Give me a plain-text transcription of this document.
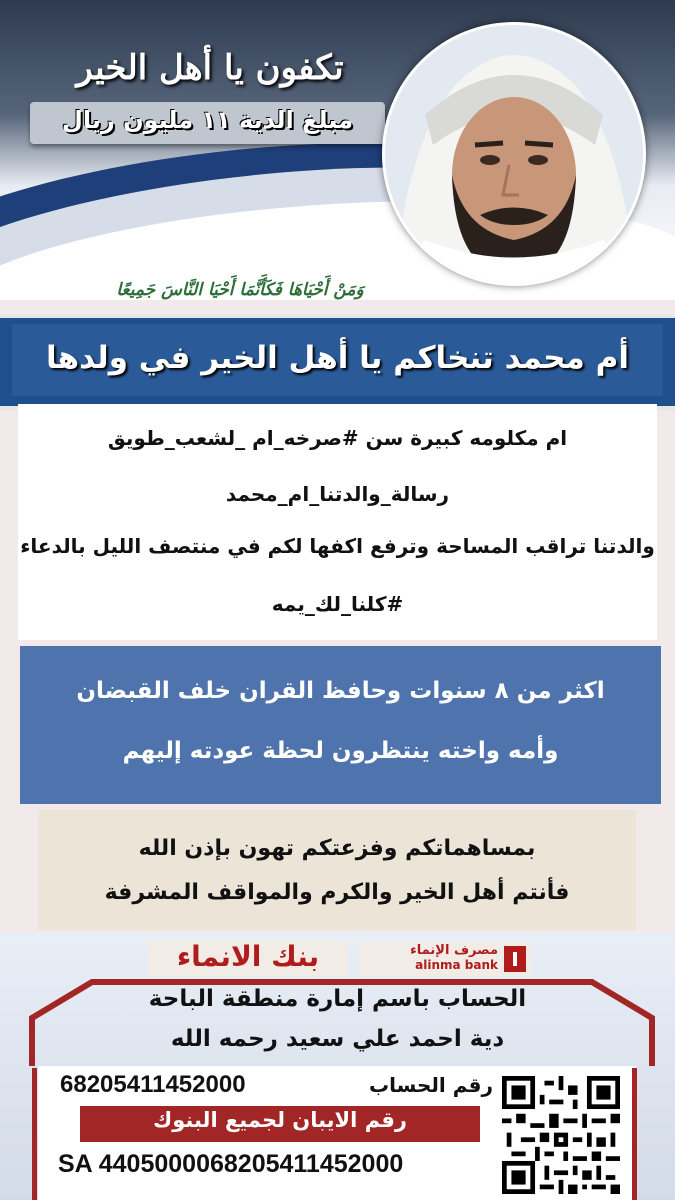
تكفون يا أهل الخير
مبلغ الدية ١١ مليون ريال
وَمَنْ أَحْيَاهَا فَكَأَنَّمَا أَحْيَا النَّاسَ جَمِيعًا
أم محمد تنخاكم يا أهل الخير في ولدها
ام مكلومه كبيرة سن #صرخه_ام _لشعب_طويق
رسالة_والدتنا_ام_محمد
والدتنا تراقب المساحة وترفع اكفها لكم في منتصف الليل بالدعاء
#كلنا_لك_يمه
اكثر من ٨ سنوات وحافظ القران خلف القبضان
وأمه واخته ينتظرون لحظة عودته إليهم
بمساهماتكم وفزعتكم تهون بإذن الله
فأنتم أهل الخير والكرم والمواقف المشرفة
بنك الانماء	مصرف الإنماء
alinma bank
الحساب باسم إمارة منطقة الباحة
دية احمد علي سعيد رحمه الله
رقم الحساب
68205411452000
رقم الايبان لجميع البنوك
SA 4405000068205411452000
